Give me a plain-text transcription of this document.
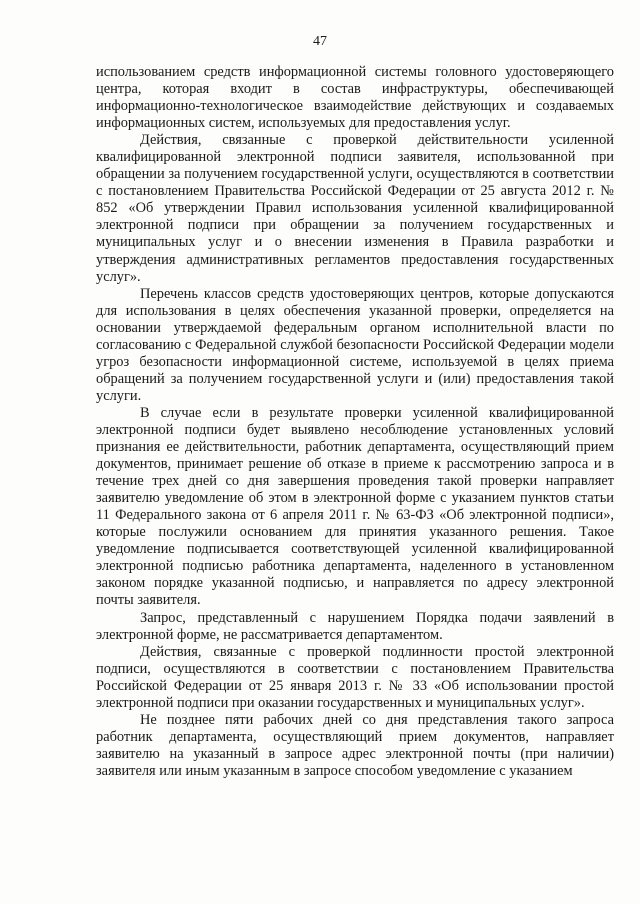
47

использованием средств информационной системы головного удостоверяющего центра, которая входит в состав инфраструктуры, обеспечивающей информационно-технологическое взаимодействие действующих и создаваемых информационных систем, используемых для предоставления услуг.

Действия, связанные с проверкой действительности усиленной квалифицированной электронной подписи заявителя, использованной при обращении за получением государственной услуги, осуществляются в соответствии с постановлением Правительства Российской Федерации от 25 августа 2012 г. № 852 «Об утверждении Правил использования усиленной квалифицированной электронной подписи при обращении за получением государственных и муниципальных услуг и о внесении изменения в Правила разработки и утверждения административных регламентов предоставления государственных услуг».

Перечень классов средств удостоверяющих центров, которые допускаются для использования в целях обеспечения указанной проверки, определяется на основании утверждаемой федеральным органом исполнительной власти по согласованию с Федеральной службой безопасности Российской Федерации модели угроз безопасности информационной системе, используемой в целях приема обращений за получением государственной услуги и (или) предоставления такой услуги.

В случае если в результате проверки усиленной квалифицированной электронной подписи будет выявлено несоблюдение установленных условий признания ее действительности, работник департамента, осуществляющий прием документов, принимает решение об отказе в приеме к рассмотрению запроса и в течение трех дней со дня завершения проведения такой проверки направляет заявителю уведомление об этом в электронной форме с указанием пунктов статьи 11 Федерального закона от 6 апреля 2011 г. № 63-ФЗ «Об электронной подписи», которые послужили основанием для принятия указанного решения. Такое уведомление подписывается соответствующей усиленной квалифицированной электронной подписью работника департамента, наделенного в установленном законом порядке указанной подписью, и направляется по адресу электронной почты заявителя.

Запрос, представленный с нарушением Порядка подачи заявлений в электронной форме, не рассматривается департаментом.

Действия, связанные с проверкой подлинности простой электронной подписи, осуществляются в соответствии с постановлением Правительства Российской Федерации от 25 января 2013 г. № 33 «Об использовании простой электронной подписи при оказании государственных и муниципальных услуг».

Не позднее пяти рабочих дней со дня представления такого запроса работник департамента, осуществляющий прием документов, направляет заявителю на указанный в запросе адрес электронной почты (при наличии) заявителя или иным указанным в запросе способом уведомление с указанием
